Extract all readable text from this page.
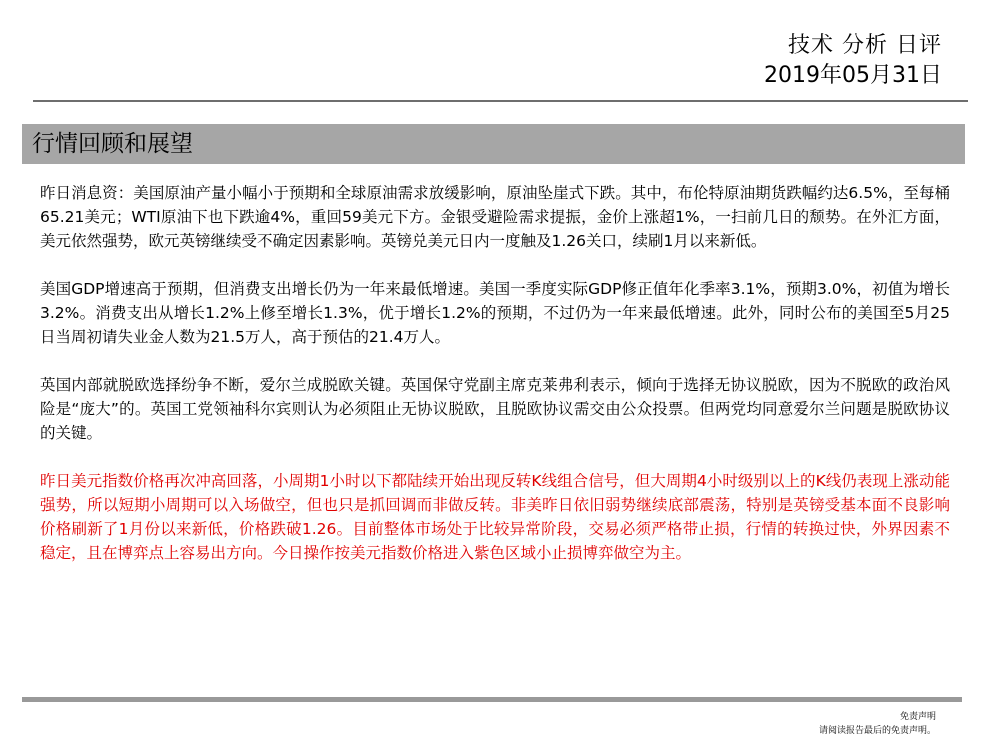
技术 分析 日评
2019年05月31日
行情回顾和展望

昨日消息资：美国原油产量小幅小于预期和全球原油需求放缓影响，原油坠崖式下跌。其中，布伦特原油期货跌幅约达6.5%，至每桶65.21美元；WTI原油下也下跌逾4%，重回59美元下方。金银受避险需求提振，金价上涨超1%，一扫前几日的颓势。在外汇方面，美元依然强势，欧元英镑继续受不确定因素影响。英镑兑美元日内一度触及1.26关口，续刷1月以来新低。

美国GDP增速高于预期，但消费支出增长仍为一年来最低增速。美国一季度实际GDP修正值年化季率3.1%，预期3.0%，初值为增长3.2%。消费支出从增长1.2%上修至增长1.3%，优于增长1.2%的预期，不过仍为一年来最低增速。此外，同时公布的美国至5月25日当周初请失业金人数为21.5万人，高于预估的21.4万人。

英国内部就脱欧选择纷争不断，爱尔兰成脱欧关键。英国保守党副主席克莱弗利表示，倾向于选择无协议脱欧，因为不脱欧的政治风险是“庞大”的。英国工党领袖科尔宾则认为必须阻止无协议脱欧，且脱欧协议需交由公众投票。但两党均同意爱尔兰问题是脱欧协议的关键。

昨日美元指数价格再次冲高回落，小周期1小时以下都陆续开始出现反转K线组合信号，但大周期4小时级别以上的K线仍表现上涨动能强势，所以短期小周期可以入场做空，但也只是抓回调而非做反转。非美昨日依旧弱势继续底部震荡，特别是英镑受基本面不良影响价格刷新了1月份以来新低，价格跌破1.26。目前整体市场处于比较异常阶段，交易必须严格带止损，行情的转换过快，外界因素不稳定，且在博弈点上容易出方向。今日操作按美元指数价格进入紫色区域小止损博弈做空为主。

免责声明
请阅读报告最后的免责声明。
